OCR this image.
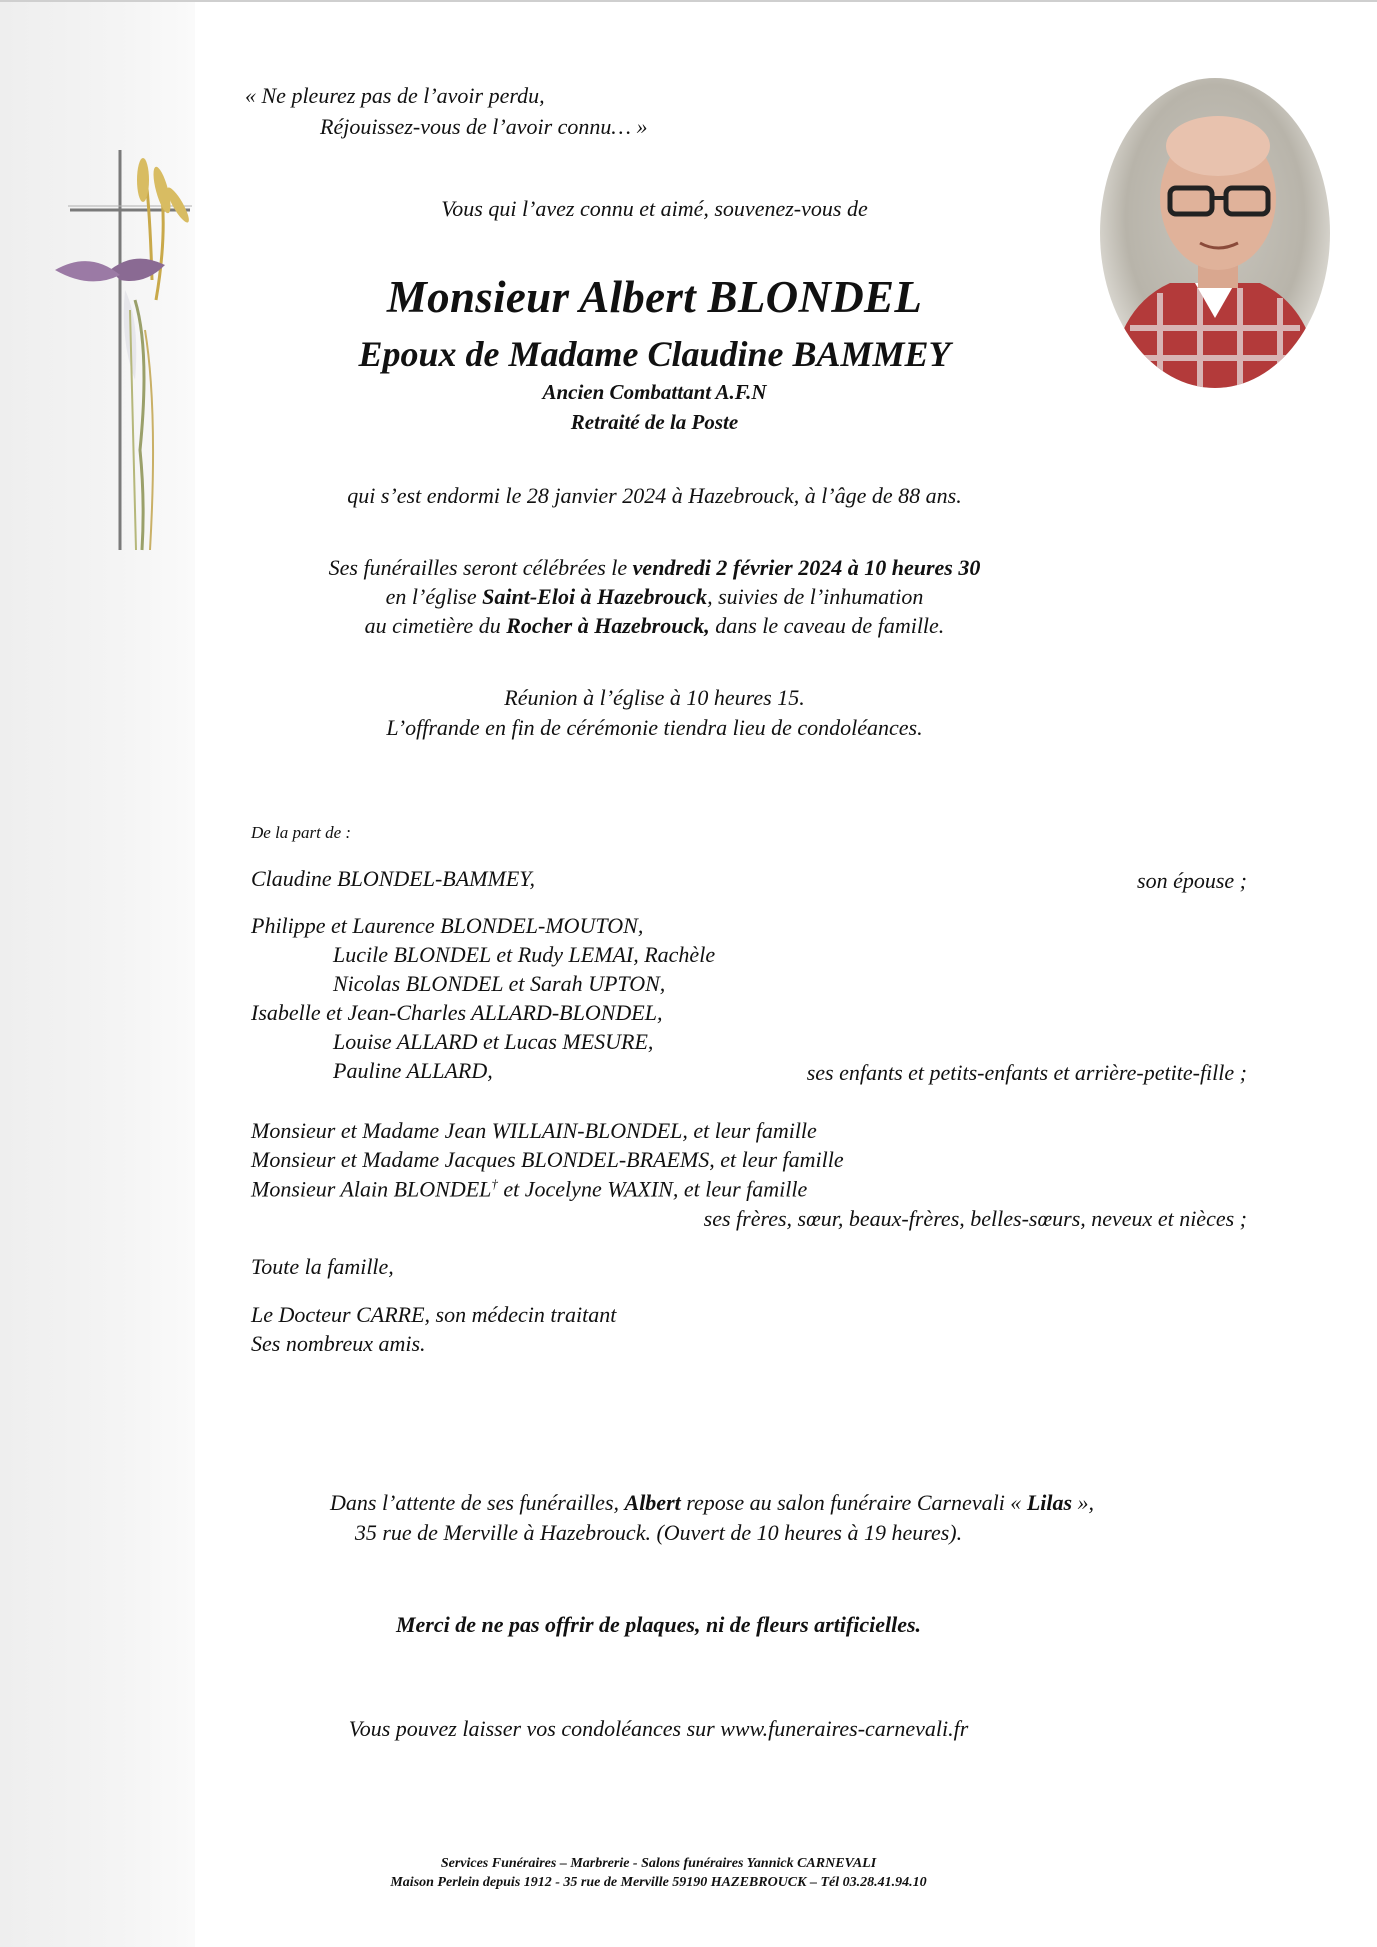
« Ne pleurez pas de l’avoir perdu,
Réjouissez-vous de l’avoir connu… »
Vous qui l’avez connu et aimé, souvenez-vous de
Monsieur Albert BLONDEL
Epoux de Madame Claudine BAMMEY
Ancien Combattant A.F.N
Retraité de la Poste
qui s’est endormi le 28 janvier 2024 à Hazebrouck, à l’âge de 88 ans.
Ses funérailles seront célébrées le vendredi 2 février 2024 à 10 heures 30
en l’église Saint-Eloi à Hazebrouck, suivies de l’inhumation
au cimetière du Rocher à Hazebrouck, dans le caveau de famille.
Réunion à l’église à 10 heures 15.
L’offrande en fin de cérémonie tiendra lieu de condoléances.
De la part de :
Claudine BLONDEL-BAMMEY,	son épouse ;
Philippe et Laurence BLONDEL-MOUTON,
Lucile BLONDEL et Rudy LEMAI, Rachèle
Nicolas BLONDEL et Sarah UPTON,
Isabelle et Jean-Charles ALLARD-BLONDEL,
Louise ALLARD et Lucas MESURE,
Pauline ALLARD,	ses enfants et petits-enfants et arrière-petite-fille ;
Monsieur et Madame Jean WILLAIN-BLONDEL, et leur famille
Monsieur et Madame Jacques BLONDEL-BRAEMS, et leur famille
Monsieur Alain BLONDEL† et Jocelyne WAXIN, et leur famille
ses frères, sœur, beaux-frères, belles-sœurs, neveux et nièces ;
Toute la famille,
Le Docteur CARRE, son médecin traitant
Ses nombreux amis.
Dans l’attente de ses funérailles, Albert repose au salon funéraire Carnevali « Lilas »,
35 rue de Merville à Hazebrouck. (Ouvert de 10 heures à 19 heures).
Merci de ne pas offrir de plaques, ni de fleurs artificielles.
Vous pouvez laisser vos condoléances sur www.funeraires-carnevali.fr
Services Funéraires – Marbrerie - Salons funéraires Yannick CARNEVALI
Maison Perlein depuis 1912 - 35 rue de Merville 59190 HAZEBROUCK – Tél 03.28.41.94.10
